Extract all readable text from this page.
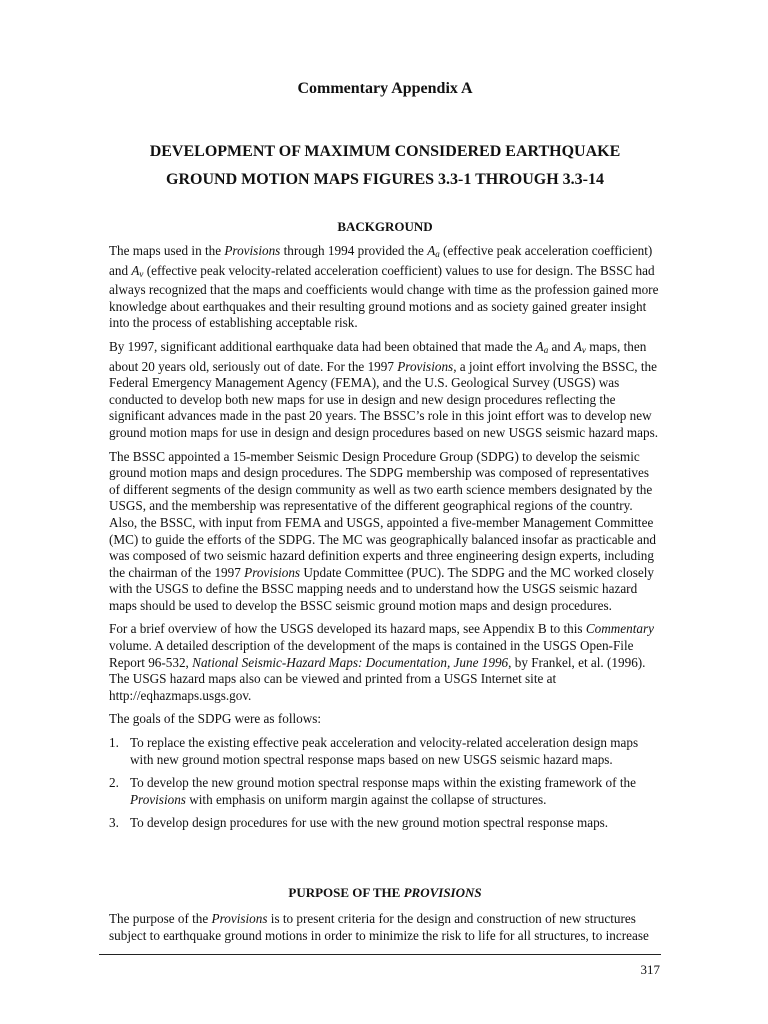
Commentary Appendix A
DEVELOPMENT OF MAXIMUM CONSIDERED EARTHQUAKE
GROUND MOTION MAPS FIGURES 3.3-1 THROUGH 3.3-14
BACKGROUND

The maps used in the Provisions through 1994 provided the $A_a$ (effective peak acceleration coefficient) and $A_v$ (effective peak velocity-related acceleration coefficient) values to use for design. The BSSC had always recognized that the maps and coefficients would change with time as the profession gained more knowledge about earthquakes and their resulting ground motions and as society gained greater insight into the process of establishing acceptable risk.

By 1997, significant additional earthquake data had been obtained that made the $A_a$ and $A_v$ maps, then about 20 years old, seriously out of date. For the 1997 Provisions, a joint effort involving the BSSC, the Federal Emergency Management Agency (FEMA), and the U.S. Geological Survey (USGS) was conducted to develop both new maps for use in design and new design procedures reflecting the significant advances made in the past 20 years. The BSSC’s role in this joint effort was to develop new ground motion maps for use in design and design procedures based on new USGS seismic hazard maps.

The BSSC appointed a 15-member Seismic Design Procedure Group (SDPG) to develop the seismic ground motion maps and design procedures. The SDPG membership was composed of representatives of different segments of the design community as well as two earth science members designated by the USGS, and the membership was representative of the different geographical regions of the country. Also, the BSSC, with input from FEMA and USGS, appointed a five-member Management Committee (MC) to guide the efforts of the SDPG. The MC was geographically balanced insofar as practicable and was composed of two seismic hazard definition experts and three engineering design experts, including the chairman of the 1997 Provisions Update Committee (PUC). The SDPG and the MC worked closely with the USGS to define the BSSC mapping needs and to understand how the USGS seismic hazard maps should be used to develop the BSSC seismic ground motion maps and design procedures.

For a brief overview of how the USGS developed its hazard maps, see Appendix B to this Commentary volume. A detailed description of the development of the maps is contained in the USGS Open-File Report 96-532, National Seismic-Hazard Maps: Documentation, June 1996, by Frankel, et al. (1996). The USGS hazard maps also can be viewed and printed from a USGS Internet site at http://eqhazmaps.usgs.gov.

The goals of the SDPG were as follows:

1. To replace the existing effective peak acceleration and velocity-related acceleration design maps with new ground motion spectral response maps based on new USGS seismic hazard maps.
2. To develop the new ground motion spectral response maps within the existing framework of the Provisions with emphasis on uniform margin against the collapse of structures.
3. To develop design procedures for use with the new ground motion spectral response maps.
PURPOSE OF THE PROVISIONS

The purpose of the Provisions is to present criteria for the design and construction of new structures subject to earthquake ground motions in order to minimize the risk to life for all structures, to increase

317
